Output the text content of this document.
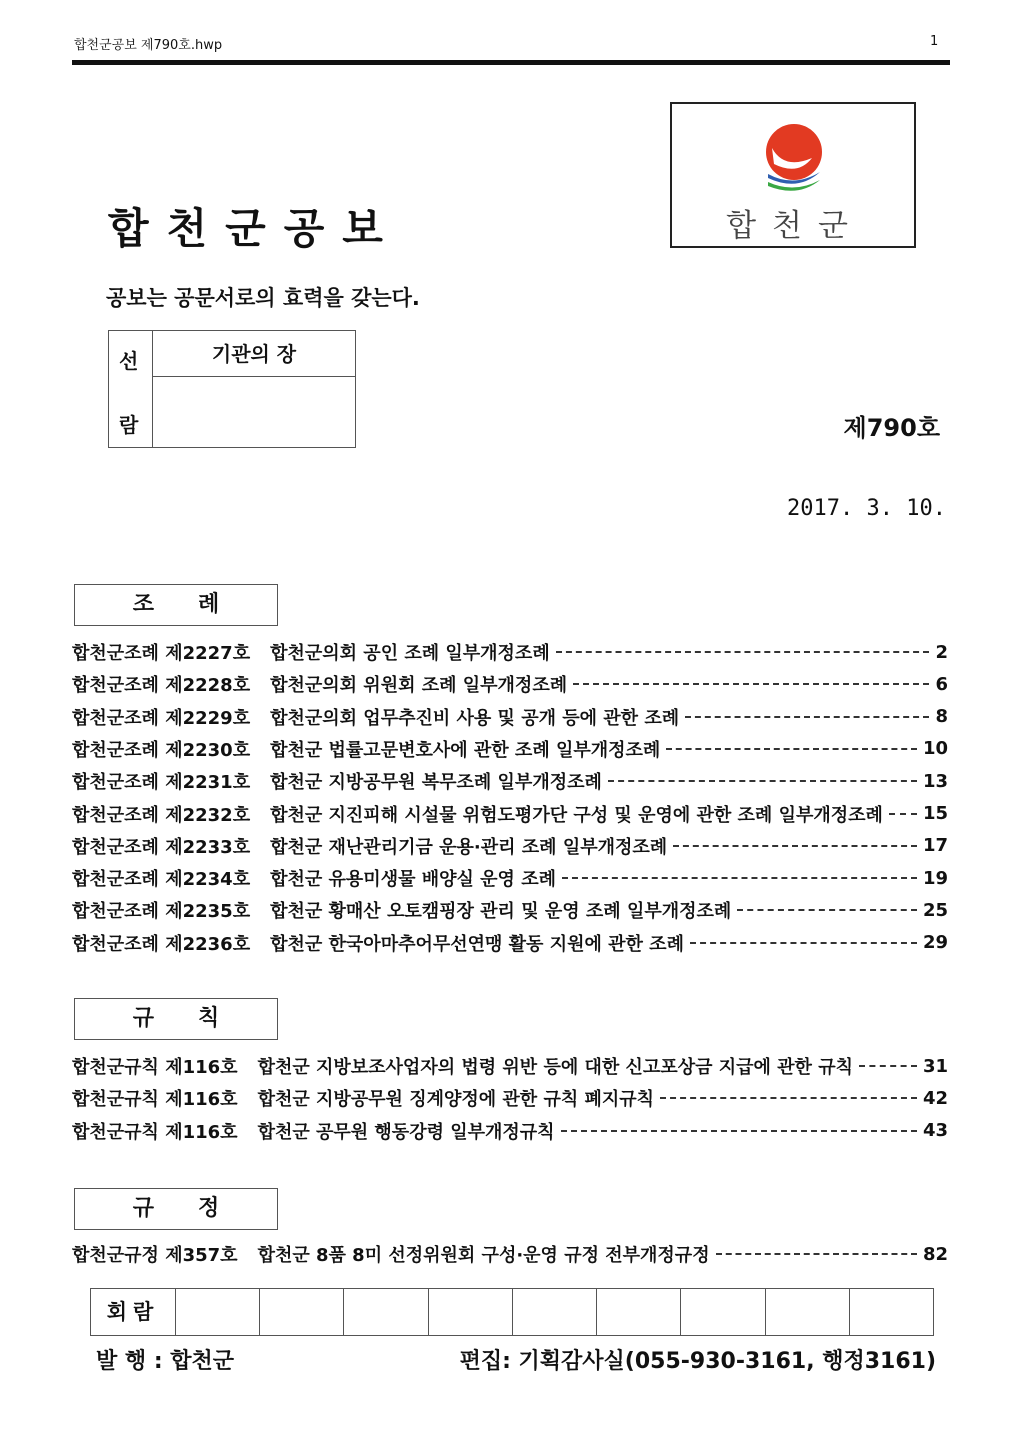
합천군공보 제790호.hwp	1
합천군공보
공보는 공문서로의 효력을 갖는다.
합천군
선
람
기관의 장
제790호
2017. 3. 10.
조례
합천군조례 제2227호 합천군의회 공인 조례 일부개정조례	2
합천군조례 제2228호 합천군의회 위원회 조례 일부개정조례	6
합천군조례 제2229호 합천군의회 업무추진비 사용 및 공개 등에 관한 조례	8
합천군조례 제2230호 합천군 법률고문변호사에 관한 조례 일부개정조례	10
합천군조례 제2231호 합천군 지방공무원 복무조례 일부개정조례	13
합천군조례 제2232호 합천군 지진피해 시설물 위험도평가단 구성 및 운영에 관한 조례 일부개정조례 15
합천군조례 제2233호 합천군 재난관리기금 운용·관리 조례 일부개정조례	17
합천군조례 제2234호 합천군 유용미생물 배양실 운영 조례	19
합천군조례 제2235호 합천군 황매산 오토캠핑장 관리 및 운영 조례 일부개정조례	25
합천군조례 제2236호 합천군 한국아마추어무선연맹 활동 지원에 관한 조례	29
규칙
합천군규칙 제116호 합천군 지방보조사업자의 법령 위반 등에 대한 신고포상금 지급에 관한 규칙	31
합천군규칙 제116호 합천군 지방공무원 징계양정에 관한 규칙 폐지규칙	42
합천군규칙 제116호 합천군 공무원 행동강령 일부개정규칙	43
규정
합천군규정 제357호 합천군 8품 8미 선정위원회 구성·운영 규정 전부개정규정	82
회람
발 행 : 합천군	편집: 기획감사실(055-930-3161, 행정3161)
